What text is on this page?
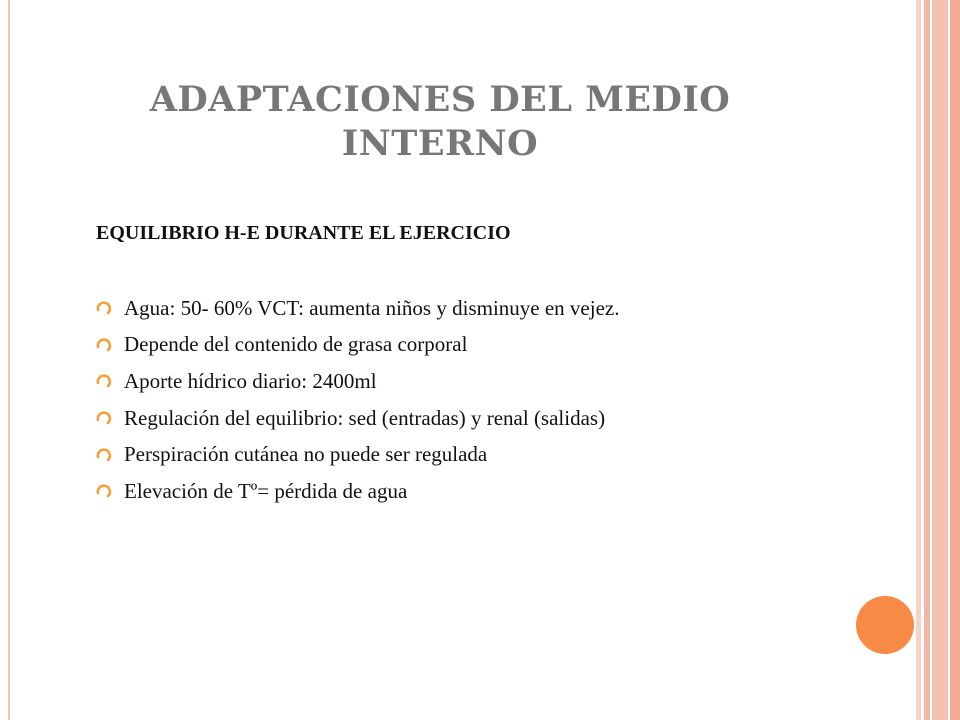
ADAPTACIONES DEL MEDIO INTERNO
EQUILIBRIO H-E DURANTE EL EJERCICIO
Agua: 50- 60% VCT: aumenta niños y disminuye en vejez.
Depende del contenido de grasa corporal
Aporte hídrico diario: 2400ml
Regulación del equilibrio: sed (entradas) y renal (salidas)
Perspiración cutánea no puede ser regulada
Elevación de Tº= pérdida de agua
